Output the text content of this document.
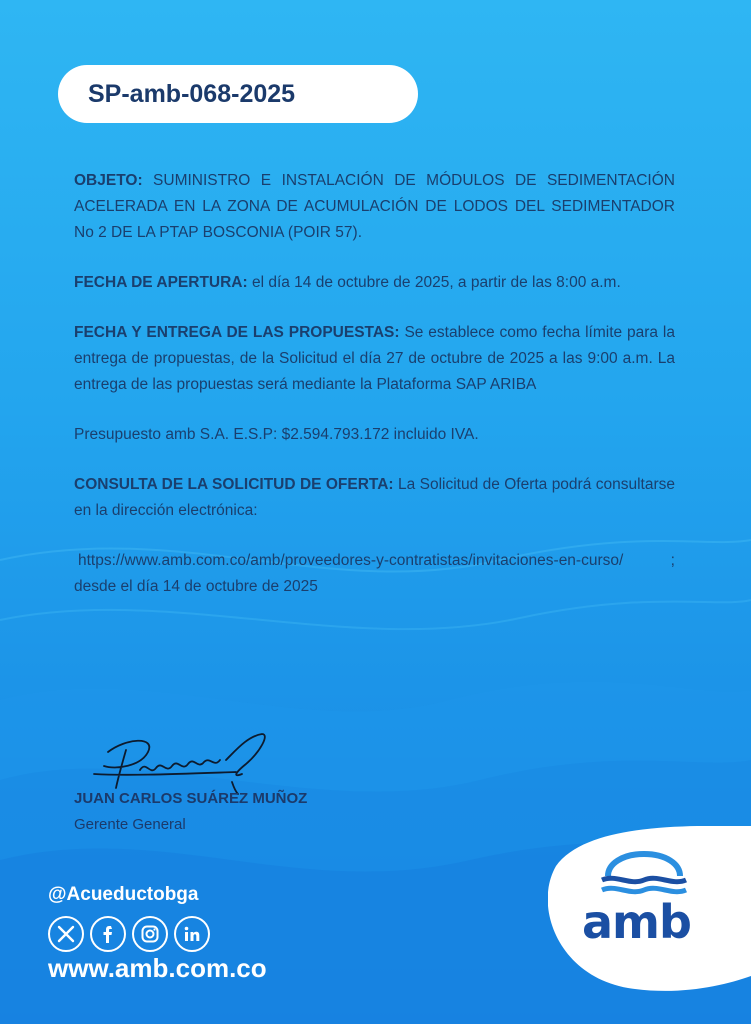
SP-amb-068-2025

OBJETO: SUMINISTRO E INSTALACIÓN DE MÓDULOS DE SEDIMENTACIÓN ACELERADA EN LA ZONA DE ACUMULACIÓN DE LODOS DEL SEDIMENTADOR No 2 DE LA PTAP BOSCONIA (POIR 57).

FECHA DE APERTURA: el día 14 de octubre de 2025, a partir de las 8:00 a.m.

FECHA Y ENTREGA DE LAS PROPUESTAS: Se establece como fecha límite para la entrega de propuestas, de la Solicitud el día 27 de octubre de 2025 a las 9:00 a.m. La entrega de las propuestas será mediante la Plataforma SAP ARIBA

Presupuesto amb S.A. E.S.P: $2.594.793.172 incluido IVA.

CONSULTA DE LA SOLICITUD DE OFERTA: La Solicitud de Oferta podrá consultarse en la dirección electrónica:

https://www.amb.com.co/amb/proveedores-y-contratistas/invitaciones-en-curso/ ; desde el día 14 de octubre de 2025

JUAN CARLOS SUÁREZ MUÑOZ
Gerente General
@Acueductobga
www.amb.com.co
amb
